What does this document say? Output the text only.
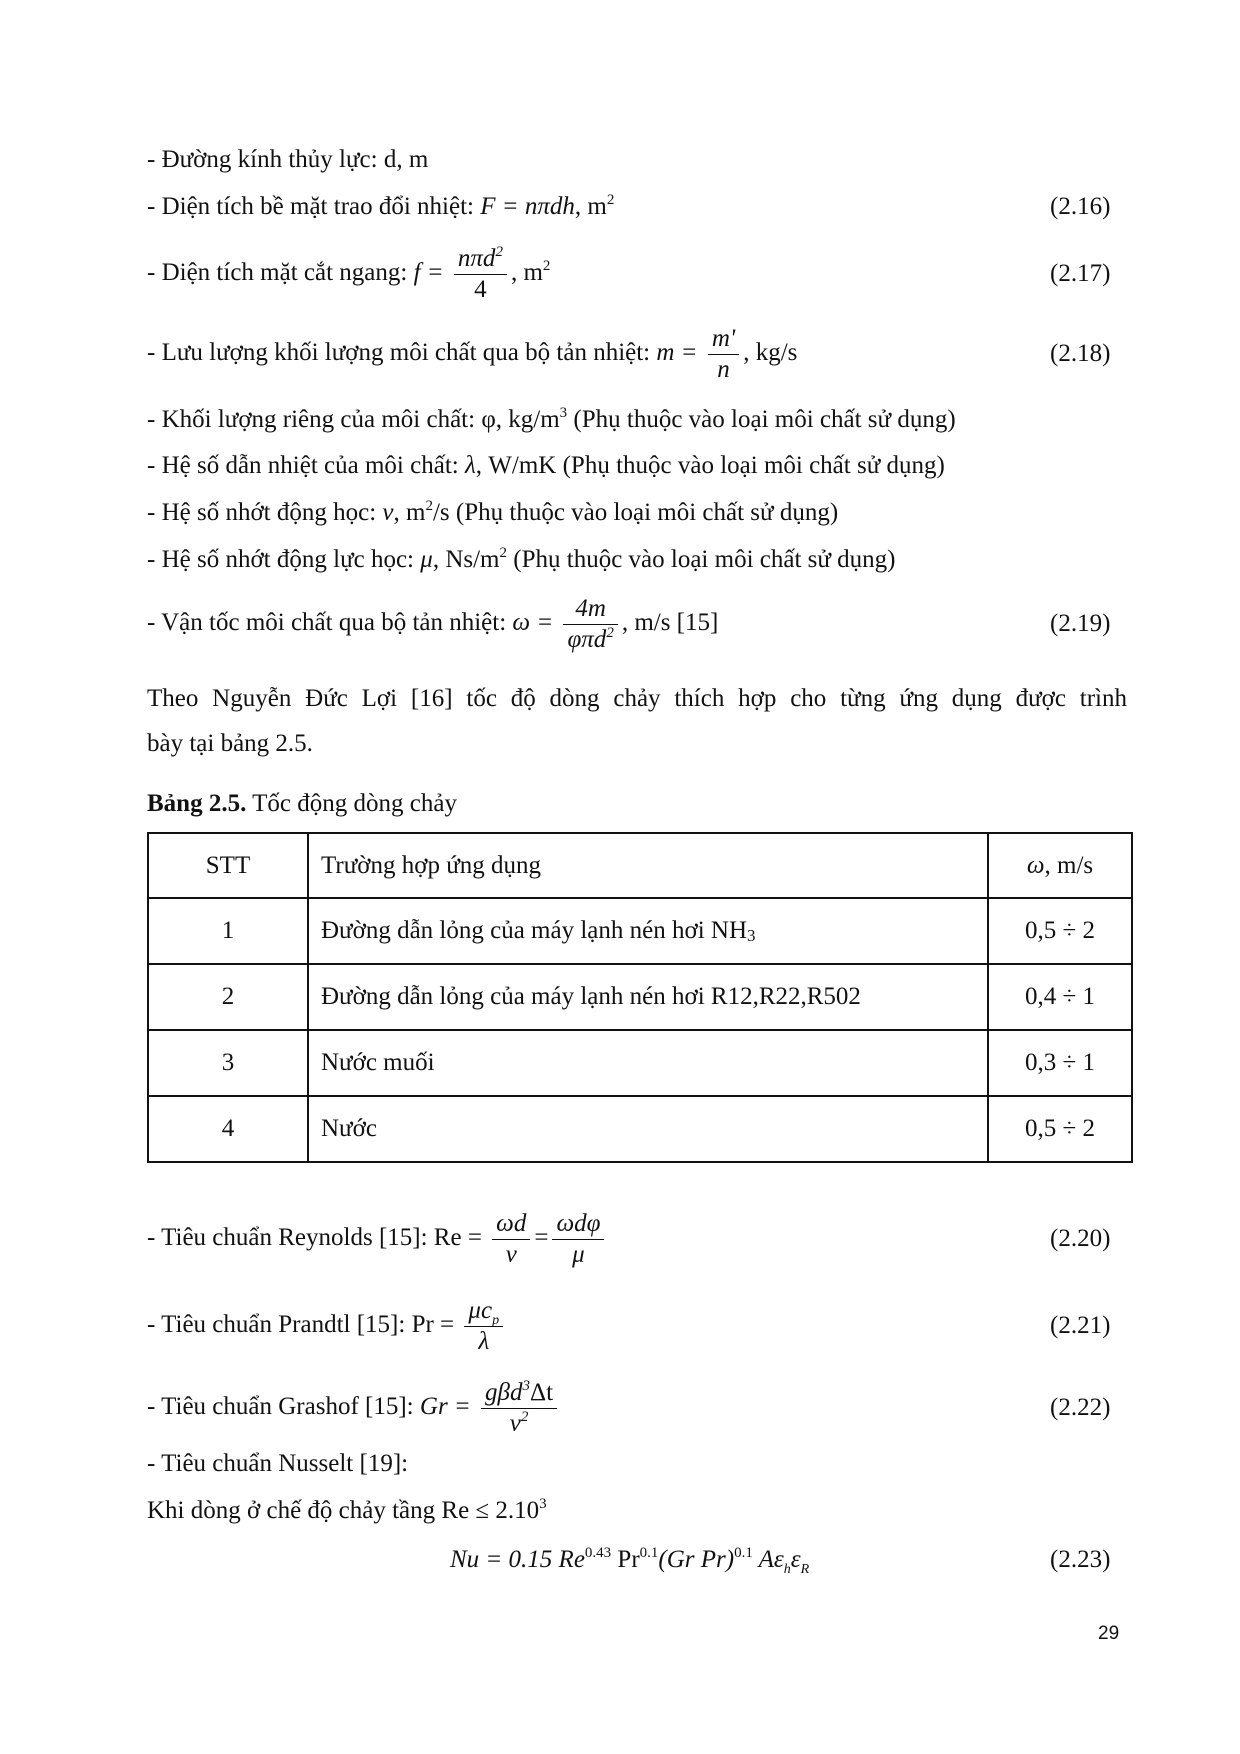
- Đường kính thủy lực: d, m
- Diện tích bề mặt trao đổi nhiệt: F = nπdh, $m^2$	(2.16)
- Diện tích mặt cắt ngang: $f = \frac{n\pi d^2}{4}$ , $m^2$	(2.17)
- Lưu lượng khối lượng môi chất qua bộ tản nhiệt: $m = \frac{m'}{n}$ , kg/s	(2.18)
- Khối lượng riêng của môi chất: φ, $kg/m^3$ (Phụ thuộc vào loại môi chất sử dụng)
- Hệ số dẫn nhiệt của môi chất: λ, W/mK (Phụ thuộc vào loại môi chất sử dụng)
- Hệ số nhớt động học: ν, $m^2/s$ (Phụ thuộc vào loại môi chất sử dụng)
- Hệ số nhớt động lực học: μ, $Ns/m^2$ (Phụ thuộc vào loại môi chất sử dụng)
- Vận tốc môi chất qua bộ tản nhiệt: $\omega = \frac{4m}{\varphi\pi d^2}$ , m/s [15]	(2.19)
Theo Nguyễn Đức Lợi [16] tốc độ dòng chảy thích hợp cho từng ứng dụng được trình
bày tại bảng 2.5.
Bảng 2.5. Tốc động dòng chảy
STT	Trường hợp ứng dụng	ω, m/s
1	Đường dẫn lỏng của máy lạnh nén hơi $NH_3$	0,5 ÷ 2
2	Đường dẫn lỏng của máy lạnh nén hơi R12,R22,R502	0,4 ÷ 1
3	Nước muối	0,3 ÷ 1
4	Nước	0,5 ÷ 2
- Tiêu chuẩn Reynolds [15]: $Re = \frac{\omega d}{\nu} = \frac{\text{ωdφ}}{\mu}$	(2.20)
- Tiêu chuẩn Prandtl [15]: $Pr = \frac{\mu c_p}{\lambda}$	(2.21)
- Tiêu chuẩn Grashof [15]: $Gr = \frac{g\beta d^3\Delta t}{\nu^2}$	(2.22)
- Tiêu chuẩn Nusselt [19]:
Khi dòng ở chế độ chảy tầng $Re \le 2.10^3$
Nu = 0.15 $Re^{0.43}$ $Pr^{0.1}(Gr$ Pr)$^{0.1}$ $A\varepsilon_h\varepsilon_R$	(2.23)
29
